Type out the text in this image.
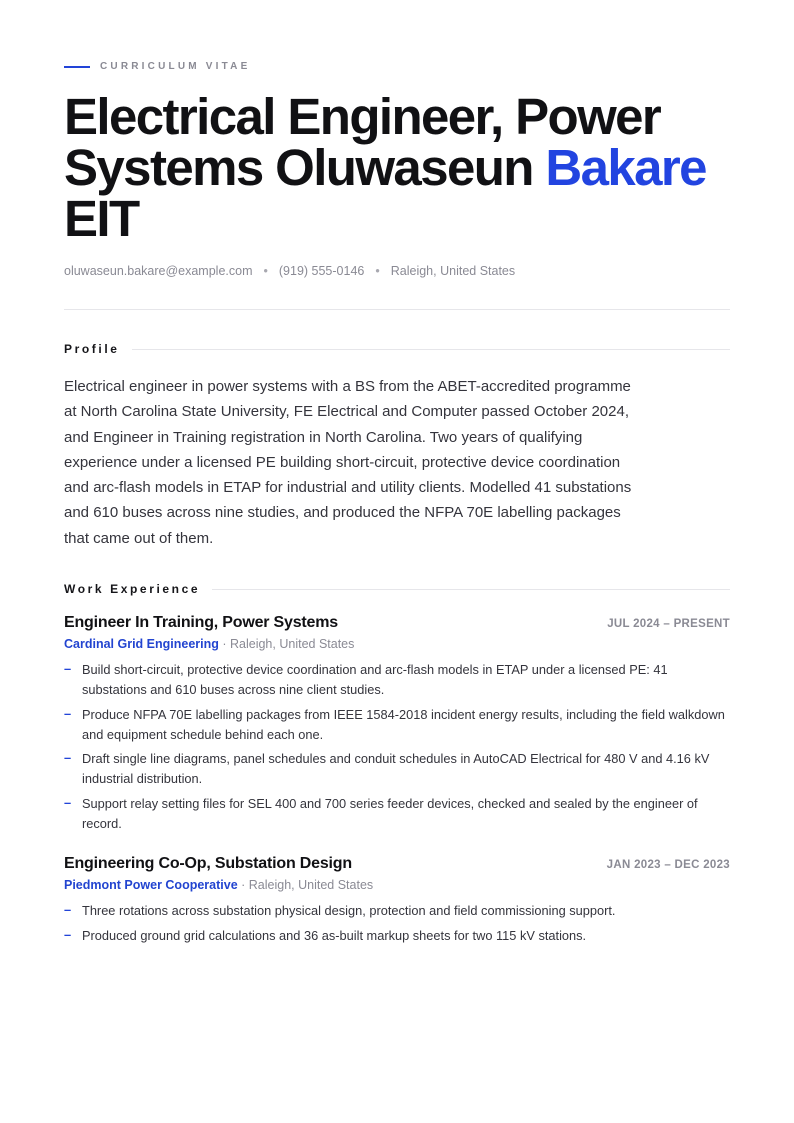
CURRICULUM VITAE
Electrical Engineer, Power Systems Oluwaseun Bakare EIT
oluwaseun.bakare@example.com • (919) 555-0146 • Raleigh, United States
Profile

Electrical engineer in power systems with a BS from the ABET-accredited programme at North Carolina State University, FE Electrical and Computer passed October 2024, and Engineer in Training registration in North Carolina. Two years of qualifying experience under a licensed PE building short-circuit, protective device coordination and arc-flash models in ETAP for industrial and utility clients. Modelled 41 substations and 610 buses across nine studies, and produced the NFPA 70E labelling packages that came out of them.

Work Experience
Engineer In Training, Power Systems	JUL 2024 – PRESENT
Cardinal Grid Engineering · Raleigh, United States
– Build short-circuit, protective device coordination and arc-flash models in ETAP under a licensed PE: 41 substations and 610 buses across nine client studies.
– Produce NFPA 70E labelling packages from IEEE 1584-2018 incident energy results, including the field walkdown and equipment schedule behind each one.
– Draft single line diagrams, panel schedules and conduit schedules in AutoCAD Electrical for 480 V and 4.16 kV industrial distribution.
– Support relay setting files for SEL 400 and 700 series feeder devices, checked and sealed by the engineer of record.
Engineering Co-Op, Substation Design	JAN 2023 – DEC 2023
Piedmont Power Cooperative · Raleigh, United States
– Three rotations across substation physical design, protection and field commissioning support.
– Produced ground grid calculations and 36 as-built markup sheets for two 115 kV stations.
